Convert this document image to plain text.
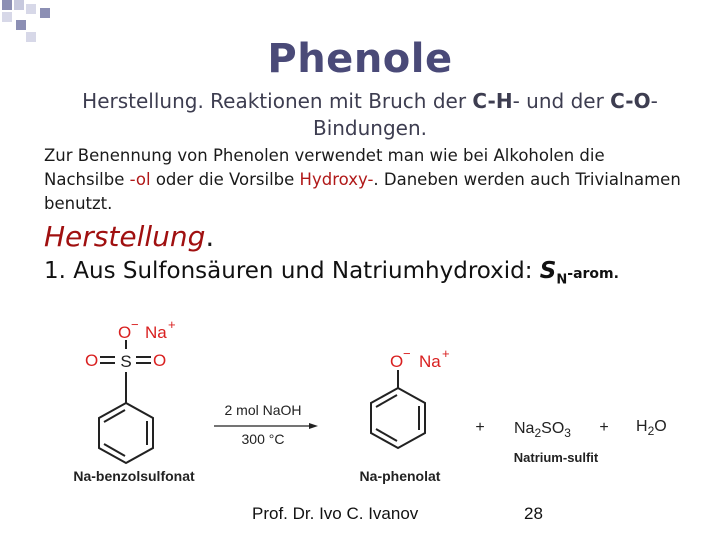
Phenole
Herstellung. Reaktionen mit Bruch der C-H- und der C-O-Bindungen.
Zur Benennung von Phenolen verwendet man wie bei Alkoholen die Nachsilbe -ol oder die Vorsilbe Hydroxy-. Daneben werden auch Trivialnamen benutzt.
Herstellung.
1. Aus Sulfonsäuren und Natriumhydroxid: $S_N$-arom.
S
O − Na +
O	O
Na-benzolsulfonat
2 mol NaOH
300 °C
O − Na +
Na-phenolat
+ $Na_2SO_3$
Natrium-sulfit
+ $H_2O$
Prof. Dr. Ivo C. Ivanov	28
